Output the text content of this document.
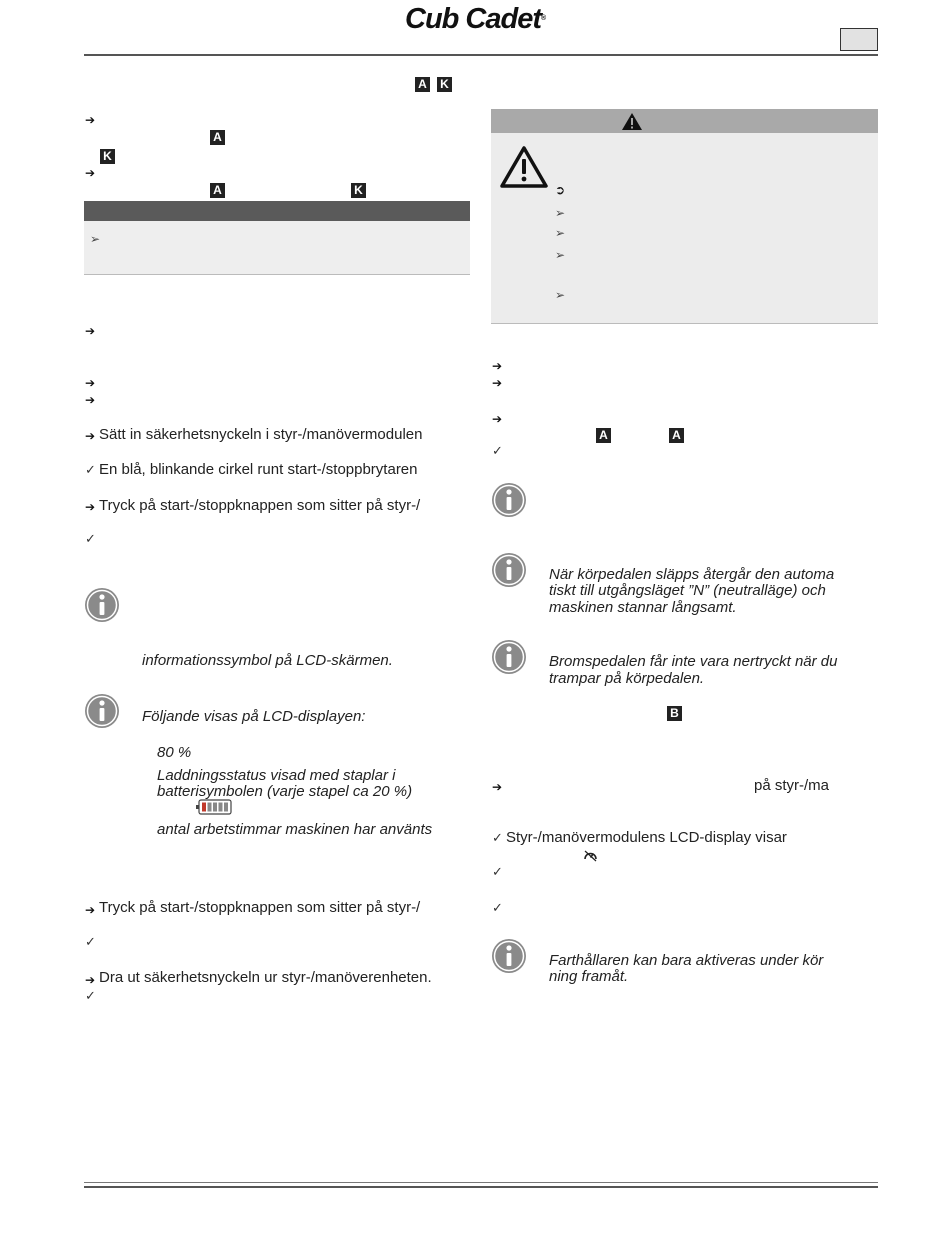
Cub Cadet®
A K
➔
A
K
➔
A	K
➢
➔
➔
➔
➔ Sätt in säkerhetsnyckeln i styr-/manövermodulen
✓ En blå, blinkande cirkel runt start-/stoppbrytaren
➔ Tryck på start-/stoppknappen som sitter på styr-/
✓
informationssymbol på LCD-skärmen.
Följande visas på LCD-displayen:
80 %
Laddningsstatus visad med staplar i
batterisymbolen (varje stapel ca 20 %)
antal arbetstimmar maskinen har använts
➔ Tryck på start-/stoppknappen som sitter på styr-/
✓
➔ Dra ut säkerhetsnyckeln ur styr-/manöverenheten.
✓
➲
➢
➢
➢
➢
➔
➔
➔
A	A
✓
När körpedalen släpps återgår den automa
tiskt till utgångsläget ”N” (neutralläge) och
maskinen stannar långsamt.
Bromspedalen får inte vara nertryckt när du
trampar på körpedalen.
B
➔	på styr-/ma
✓ Styr-/manövermodulens LCD-display visar
✓
✓
Farthållaren kan bara aktiveras under kör
ning framåt.
